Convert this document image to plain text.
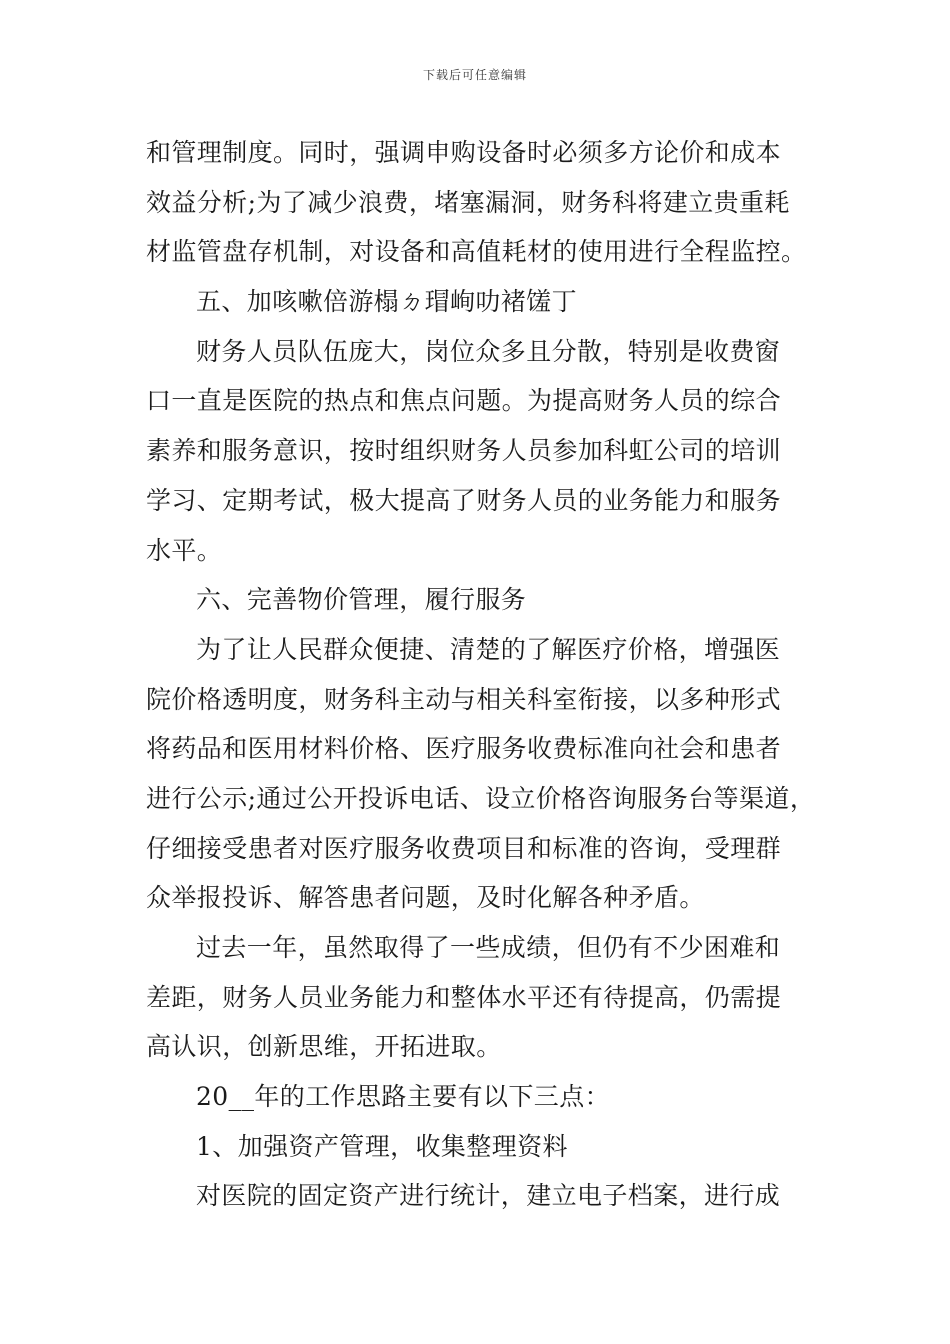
下载后可任意编辑
和管理制度。同时，强调申购设备时必须多方论价和成本
效益分析;为了减少浪费，堵塞漏洞，财务科将建立贵重耗
材监管盘存机制，对设备和高值耗材的使用进行全程监控。
五、加咳嗽倍游榻ㄉ瑁峋叻褚馐丁
财务人员队伍庞大，岗位众多且分散，特别是收费窗
口一直是医院的热点和焦点问题。为提高财务人员的综合
素养和服务意识，按时组织财务人员参加科虹公司的培训
学习、定期考试，极大提高了财务人员的业务能力和服务
水平。
六、完善物价管理，履行服务
为了让人民群众便捷、清楚的了解医疗价格，增强医
院价格透明度，财务科主动与相关科室衔接，以多种形式
将药品和医用材料价格、医疗服务收费标准向社会和患者
进行公示;通过公开投诉电话、设立价格咨询服务台等渠道，
仔细接受患者对医疗服务收费项目和标准的咨询，受理群
众举报投诉、解答患者问题，及时化解各种矛盾。
过去一年，虽然取得了一些成绩，但仍有不少困难和
差距，财务人员业务能力和整体水平还有待提高，仍需提
高认识，创新思维，开拓进取。
20__年的工作思路主要有以下三点：
1、加强资产管理，收集整理资料
对医院的固定资产进行统计，建立电子档案，进行成
